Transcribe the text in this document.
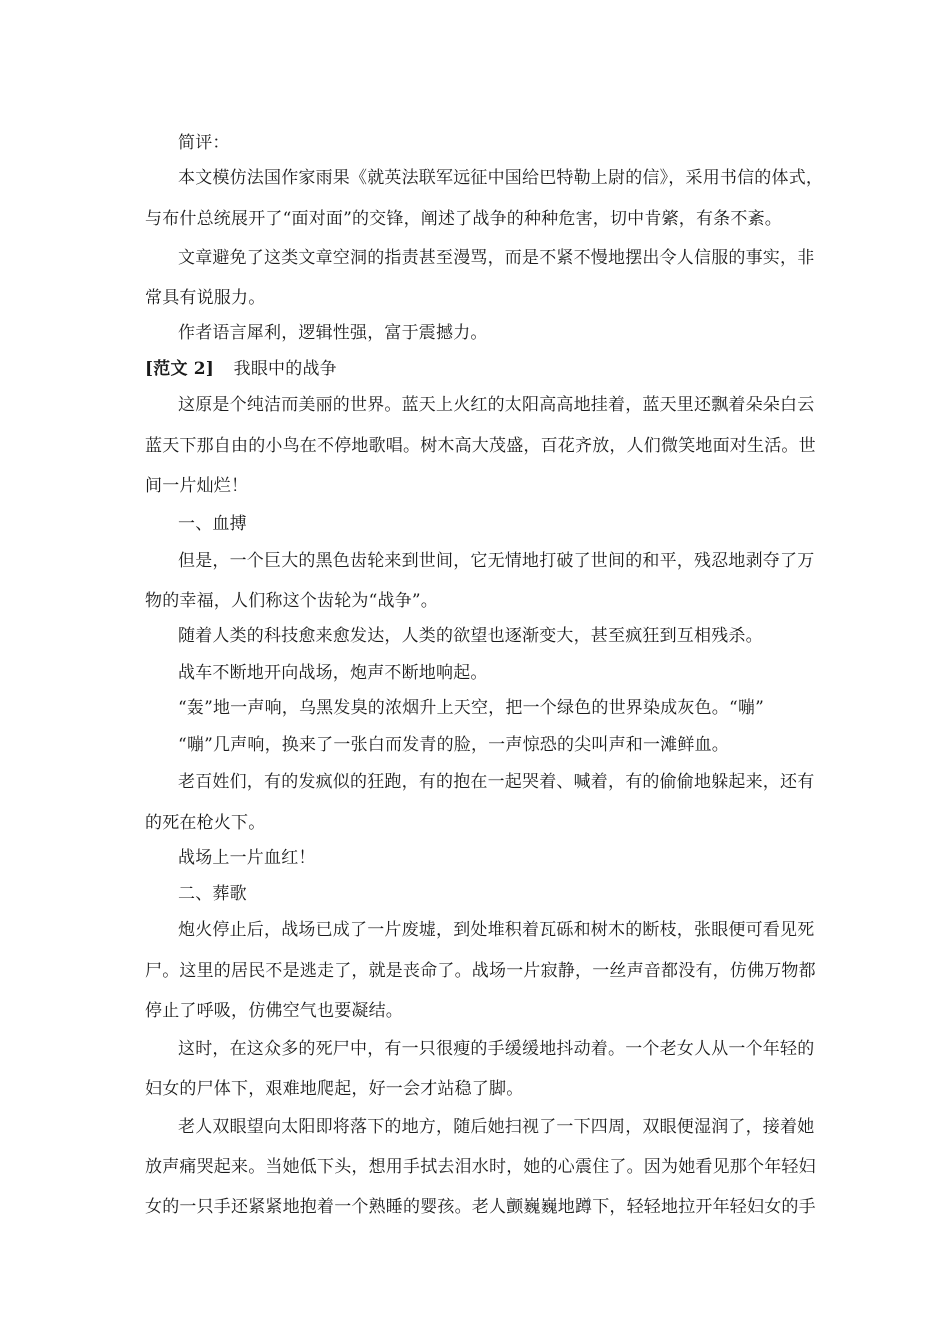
简评：
本文模仿法国作家雨果《就英法联军远征中国给巴特勒上尉的信》，采用书信的体式，
与布什总统展开了“面对面”的交锋，阐述了战争的种种危害，切中肯綮，有条不紊。
文章避免了这类文章空洞的指责甚至漫骂，而是不紧不慢地摆出令人信服的事实，非
常具有说服力。
作者语言犀利，逻辑性强，富于震撼力。
[范文 2] 我眼中的战争
这原是个纯洁而美丽的世界。蓝天上火红的太阳高高地挂着，蓝天里还飘着朵朵白云
蓝天下那自由的小鸟在不停地歌唱。树木高大茂盛，百花齐放，人们微笑地面对生活。世
间一片灿烂！
一、血搏
但是，一个巨大的黑色齿轮来到世间，它无情地打破了世间的和平，残忍地剥夺了万
物的幸福，人们称这个齿轮为“战争”。
随着人类的科技愈来愈发达，人类的欲望也逐渐变大，甚至疯狂到互相残杀。
战车不断地开向战场，炮声不断地响起。
“轰”地一声响，乌黑发臭的浓烟升上天空，把一个绿色的世界染成灰色。“嘣”
“嘣”几声响，换来了一张白而发青的脸，一声惊恐的尖叫声和一滩鲜血。
老百姓们，有的发疯似的狂跑，有的抱在一起哭着、喊着，有的偷偷地躲起来，还有
的死在枪火下。
战场上一片血红！
二、葬歌
炮火停止后，战场已成了一片废墟，到处堆积着瓦砾和树木的断枝，张眼便可看见死
尸。这里的居民不是逃走了，就是丧命了。战场一片寂静，一丝声音都没有，仿佛万物都
停止了呼吸，仿佛空气也要凝结。
这时，在这众多的死尸中，有一只很瘦的手缓缓地抖动着。一个老女人从一个年轻的
妇女的尸体下，艰难地爬起，好一会才站稳了脚。
老人双眼望向太阳即将落下的地方，随后她扫视了一下四周，双眼便湿润了，接着她
放声痛哭起来。当她低下头，想用手拭去泪水时，她的心震住了。因为她看见那个年轻妇
女的一只手还紧紧地抱着一个熟睡的婴孩。老人颤巍巍地蹲下，轻轻地拉开年轻妇女的手
